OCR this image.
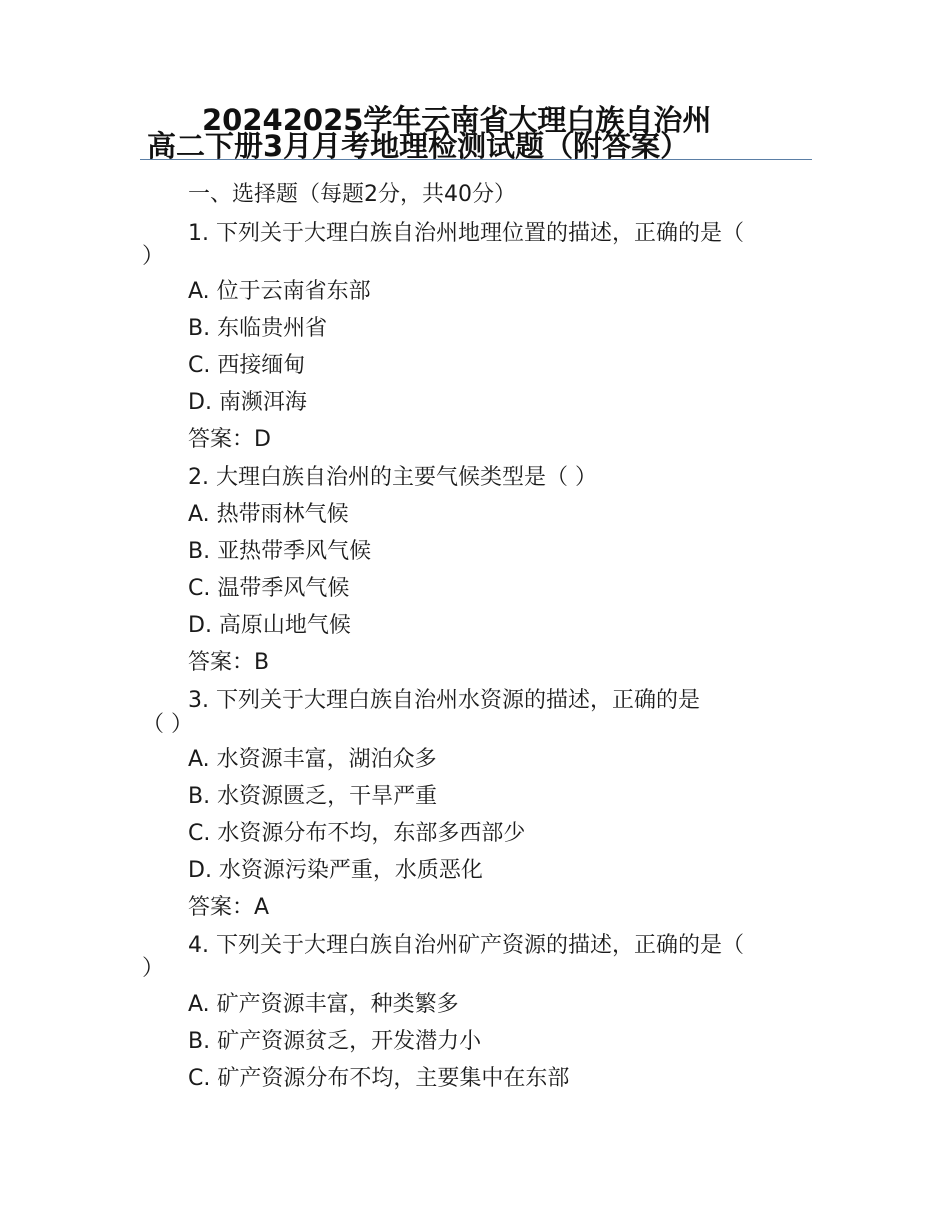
20242025学年云南省大理白族自治州
高二下册3月月考地理检测试题（附答案）
一、选择题（每题2分，共40分）
1. 下列关于大理白族自治州地理位置的描述，正确的是（
）
A. 位于云南省东部
B. 东临贵州省
C. 西接缅甸
D. 南濒洱海
答案：D
2. 大理白族自治州的主要气候类型是（ ）
A. 热带雨林气候
B. 亚热带季风气候
C. 温带季风气候
D. 高原山地气候
答案：B
3. 下列关于大理白族自治州水资源的描述，正确的是
（ ）
A. 水资源丰富，湖泊众多
B. 水资源匮乏，干旱严重
C. 水资源分布不均，东部多西部少
D. 水资源污染严重，水质恶化
答案：A
4. 下列关于大理白族自治州矿产资源的描述，正确的是（
）
A. 矿产资源丰富，种类繁多
B. 矿产资源贫乏，开发潜力小
C. 矿产资源分布不均，主要集中在东部
